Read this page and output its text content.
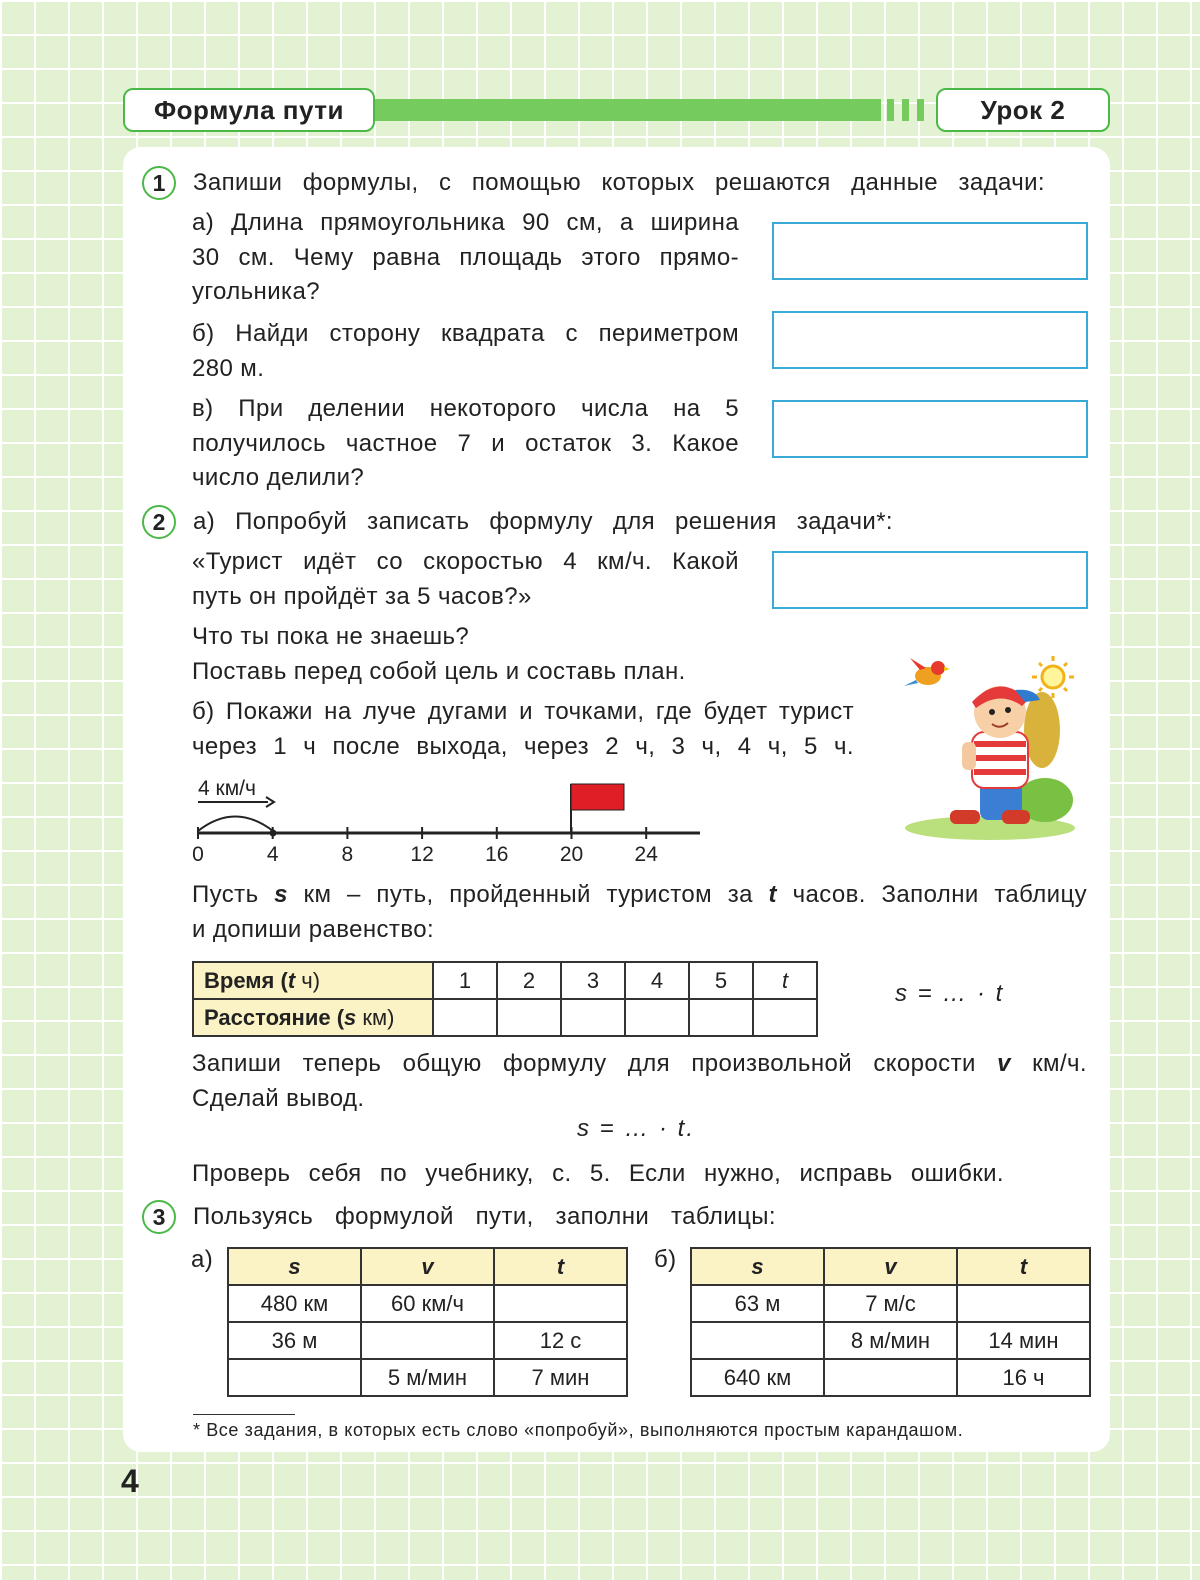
Формула пути	Урок 2
1	Запиши формулы, с помощью которых решаются данные задачи:
а) Длина прямоугольника 90 см, а ширина
30 см. Чему равна площадь этого прямо-
угольника?
б) Найди сторону квадрата с периметром
280 м.
в) При делении некоторого числа на 5
получилось частное 7 и остаток 3. Какое
число делили?
2	а) Попробуй записать формулу для решения задачи*:
«Турист идёт со скоростью 4 км/ч. Какой
путь он пройдёт за 5 часов?»
Что ты пока не знаешь?
Поставь перед собой цель и составь план.
б) Покажи на луче дугами и точками, где будет турист
через 1 ч после выхода, через 2 ч, 3 ч, 4 ч, 5 ч.
4 км/ч
0	4	8	12 16 20 24
Пусть s км – путь, пройденный туристом за t часов. Заполни таблицу
и допиши равенство:
Время (t ч)	1	2	3	4	5	t
Расстояние (s км)						
s = … · t
Запиши теперь общую формулу для произвольной скорости v км/ч.
Сделай вывод.
s = … · t.
Проверь себя по учебнику, с. 5. Если нужно, исправь ошибки.
3	Пользуясь формулой пути, заполни таблицы:
а)	б)
s	v	t
480 км	60 км/ч	
36 м		12 с
	5 м/мин	7 мин
s	v	t
63 м	7 м/с	
	8 м/мин	14 мин
640 км		16 ч
* Все задания, в которых есть слово «попробуй», выполняются простым карандашом.
4
